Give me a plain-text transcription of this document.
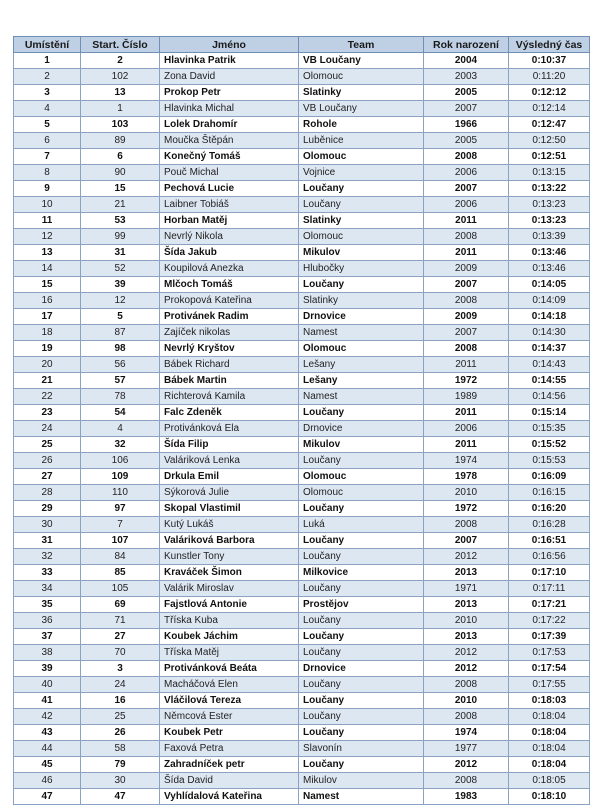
Umístění	Start. Číslo	Jméno	Team	Rok narození	Výsledný čas
1	2	Hlavinka Patrik	VB Loučany	2004	0:10:37
2	102	Zona David	Olomouc	2003	0:11:20
3	13	Prokop Petr	Slatinky	2005	0:12:12
4	1	Hlavinka Michal	VB Loučany	2007	0:12:14
5	103	Lolek Drahomír	Rohole	1966	0:12:47
6	89	Moučka Štěpán	Luběnice	2005	0:12:50
7	6	Konečný Tomáš	Olomouc	2008	0:12:51
8	90	Pouč Michal	Vojnice	2006	0:13:15
9	15	Pechová Lucie	Loučany	2007	0:13:22
10	21	Laibner Tobiáš	Loučany	2006	0:13:23
11	53	Horban Matěj	Slatinky	2011	0:13:23
12	99	Nevrlý Nikola	Olomouc	2008	0:13:39
13	31	Šída Jakub	Mikulov	2011	0:13:46
14	52	Koupilová Anezka	Hlubočky	2009	0:13:46
15	39	Mlčoch Tomáš	Loučany	2007	0:14:05
16	12	Prokopová Kateřina	Slatinky	2008	0:14:09
17	5	Protivánek Radim	Drnovice	2009	0:14:18
18	87	Zajíček nikolas	Namest	2007	0:14:30
19	98	Nevrlý Kryštov	Olomouc	2008	0:14:37
20	56	Bábek Richard	Lešany	2011	0:14:43
21	57	Bábek Martin	Lešany	1972	0:14:55
22	78	Richterová Kamila	Namest	1989	0:14:56
23	54	Falc Zdeněk	Loučany	2011	0:15:14
24	4	Protivánková Ela	Drnovice	2006	0:15:35
25	32	Šída Filip	Mikulov	2011	0:15:52
26	106	Valáriková Lenka	Loučany	1974	0:15:53
27	109	Drkula Emil	Olomouc	1978	0:16:09
28	110	Sýkorová Julie	Olomouc	2010	0:16:15
29	97	Skopal Vlastimil	Loučany	1972	0:16:20
30	7	Kutý Lukáš	Luká	2008	0:16:28
31	107	Valáriková Barbora	Loučany	2007	0:16:51
32	84	Kunstler Tony	Loučany	2012	0:16:56
33	85	Kraváček Šimon	Milkovice	2013	0:17:10
34	105	Valárik Miroslav	Loučany	1971	0:17:11
35	69	Fajstlová Antonie	Prostějov	2013	0:17:21
36	71	Tříska Kuba	Loučany	2010	0:17:22
37	27	Koubek Jáchim	Loučany	2013	0:17:39
38	70	Tříska Matěj	Loučany	2012	0:17:53
39	3	Protivánková Beáta	Drnovice	2012	0:17:54
40	24	Macháčová Elen	Loučany	2008	0:17:55
41	16	Vláčilová Tereza	Loučany	2010	0:18:03
42	25	Němcová Ester	Loučany	2008	0:18:04
43	26	Koubek Petr	Loučany	1974	0:18:04
44	58	Faxová Petra	Slavonín	1977	0:18:04
45	79	Zahradníček petr	Loučany	2012	0:18:04
46	30	Šída David	Mikulov	2008	0:18:05
47	47	Vyhlídalová Kateřina	Namest	1983	0:18:10
